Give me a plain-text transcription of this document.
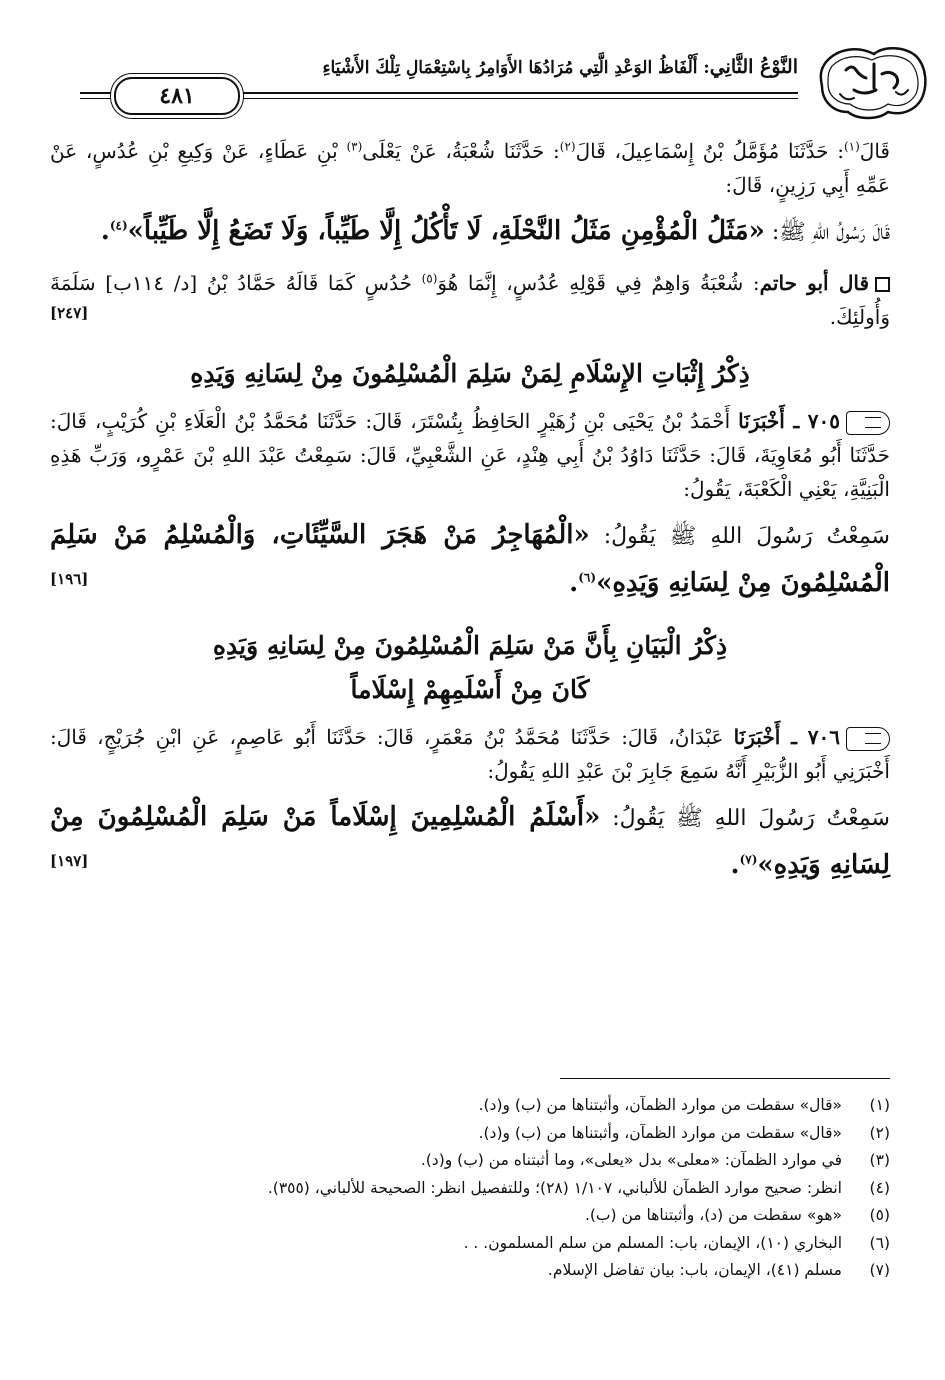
النَّوْعُ الثَّانِي: أَلْفَاظُ الوَعْدِ الَّتِي مُرَادُهَا الأَوَامِرُ بِاسْتِعْمَالِ تِلْكَ الأَشْيَاءِ
٤٨١

قَالَ$^{(١)}$: حَدَّثَنَا مُؤَمَّلُ بْنُ إِسْمَاعِيلَ، قَالَ$^{(٢)}$: حَدَّثَنَا شُعْبَةُ، عَنْ يَعْلَى$^{(٣)}$ بْنِ عَطَاءٍ، عَنْ وَكِيعِ بْنِ عُدُسٍ، عَنْ عَمِّهِ أَبِي رَزِينٍ، قَالَ:

قَالَ رَسُولُ اللهِ ﷺ: «مَثَلُ الْمُؤْمِنِ مَثَلُ النَّحْلَةِ، لَا تَأْكُلُ إِلَّا طَيِّباً، وَلَا تَضَعُ إِلَّا طَيِّباً»$^{(٤)}$.

قال أبو حاتم: شُعْبَةُ وَاهِمٌ فِي قَوْلِهِ عُدُسٍ، إِنَّمَا هُوَ$^{(٥)}$ حُدُسٍ كَمَا قَالَهُ حَمَّادُ بْنُ [د/ ١١٤ب] سَلَمَةَ وَأُولَئِكَ.
[٢٤٧]

ذِكْرُ إِثْبَاتِ الإِسْلَامِ لِمَنْ سَلِمَ الْمُسْلِمُونَ مِنْ لِسَانِهِ وَيَدِهِ

٧٠٥ ـ أَخْبَرَنَا أَحْمَدُ بْنُ يَحْيَى بْنِ زُهَيْرٍ الحَافِظُ بِتُسْتَرَ، قَالَ: حَدَّثَنَا مُحَمَّدُ بْنُ الْعَلَاءِ بْنِ كُرَيْبٍ، قَالَ: حَدَّثَنَا أَبُو مُعَاوِيَةَ، قَالَ: حَدَّثَنَا دَاوُدُ بْنُ أَبِي هِنْدٍ، عَنِ الشَّعْبِيِّ، قَالَ: سَمِعْتُ عَبْدَ اللهِ بْنَ عَمْرٍو، وَرَبِّ هَذِهِ الْبَنِيَّةِ، يَعْنِي الْكَعْبَةَ، يَقُولُ:

سَمِعْتُ رَسُولَ اللهِ ﷺ يَقُولُ: «الْمُهَاجِرُ مَنْ هَجَرَ السَّيِّئَاتِ، وَالْمُسْلِمُ مَنْ سَلِمَ الْمُسْلِمُونَ مِنْ لِسَانِهِ وَيَدِهِ»$^{(٦)}$.
[١٩٦]

ذِكْرُ الْبَيَانِ بِأَنَّ مَنْ سَلِمَ الْمُسْلِمُونَ مِنْ لِسَانِهِ وَيَدِهِ
كَانَ مِنْ أَسْلَمِهِمْ إِسْلَاماً

٧٠٦ ـ أَخْبَرَنَا عَبْدَانُ، قَالَ: حَدَّثَنَا مُحَمَّدُ بْنُ مَعْمَرٍ، قَالَ: حَدَّثَنَا أَبُو عَاصِمٍ، عَنِ ابْنِ جُرَيْجٍ، قَالَ: أَخْبَرَنِي أَبُو الزُّبَيْرِ أَنَّهُ سَمِعَ جَابِرَ بْنَ عَبْدِ اللهِ يَقُولُ:

سَمِعْتُ رَسُولَ اللهِ ﷺ يَقُولُ: «أَسْلَمُ الْمُسْلِمِينَ إِسْلَاماً مَنْ سَلِمَ الْمُسْلِمُونَ مِنْ لِسَانِهِ وَيَدِهِ»$^{(٧)}$.
[١٩٧]

(١)«قال» سقطت من موارد الظمآن، وأثبتناها من (ب) و(د).
(٢)«قال» سقطت من موارد الظمآن، وأثبتناها من (ب) و(د).
(٣)في موارد الظمآن: «معلى» بدل «يعلى»، وما أثبتناه من (ب) و(د).
(٤)انظر: صحيح موارد الظمآن للألباني، ١/١٠٧ (٢٨)؛ وللتفصيل انظر: الصحيحة للألباني، (٣٥٥).
(٥)«هو» سقطت من (د)، وأثبتناها من (ب).
(٦)البخاري (١٠)، الإيمان، باب: المسلم من سلم المسلمون. . .
(٧)مسلم (٤١)، الإيمان، باب: بيان تفاضل الإسلام.
